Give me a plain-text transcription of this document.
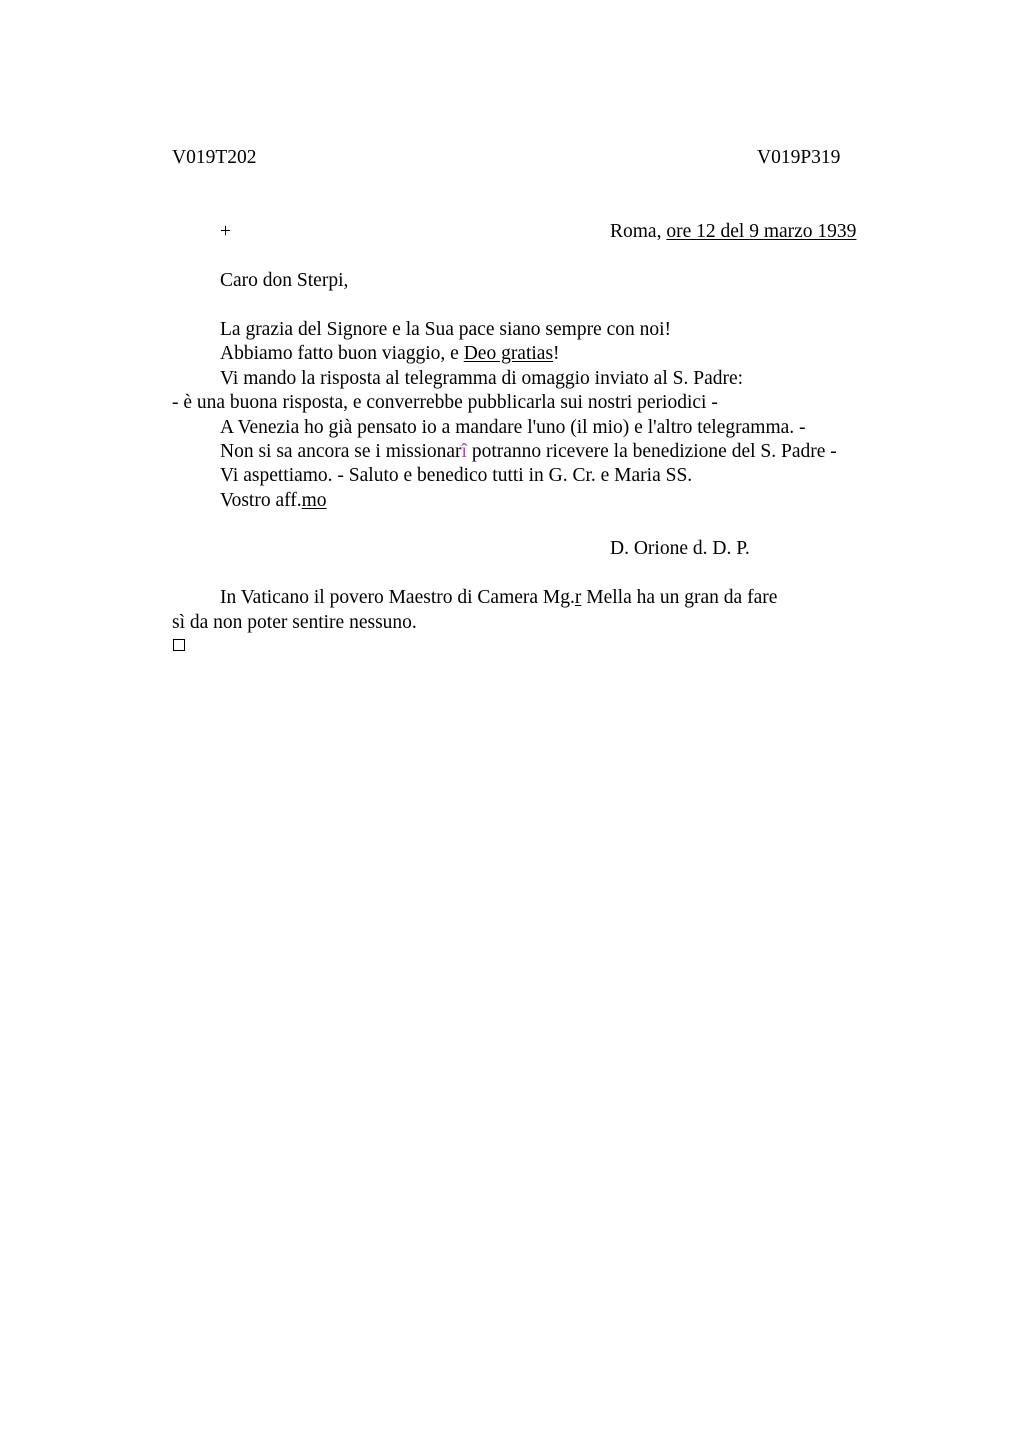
V019T202	V019P319
+	Roma, ore 12 del 9 marzo 1939
Caro don Sterpi,
La grazia del Signore e la Sua pace siano sempre con noi!
Abbiamo fatto buon viaggio, e Deo gratias!
Vi mando la risposta al telegramma di omaggio inviato al S. Padre:
- è una buona risposta, e converrebbe pubblicarla sui nostri periodici -
A Venezia ho già pensato io a mandare l'uno (il mio) e l'altro telegramma. -
Non si sa ancora se i missionarî potranno ricevere la benedizione del S. Padre -
Vi aspettiamo. - Saluto e benedico tutti in G. Cr. e Maria SS.
Vostro aff.mo
D. Orione d. D. P.
In Vaticano il povero Maestro di Camera Mg.r Mella ha un gran da fare
sì da non poter sentire nessuno.
